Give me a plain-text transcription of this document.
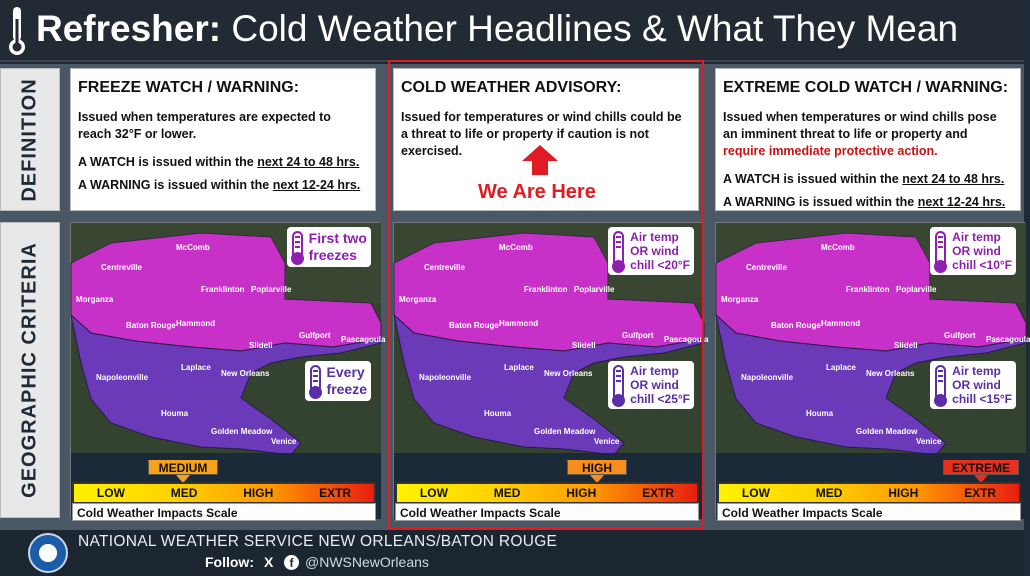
Refresher: Cold Weather Headlines & What They Mean
DEFINITION
GEOGRAPHIC CRITERIA
FREEZE WATCH / WARNING:

Issued when temperatures are expected to reach 32°F or lower.

A WATCH is issued within the next 24 to 48 hrs.
A WARNING is issued within the next 12-24 hrs.
COLD WEATHER ADVISORY:

Issued for temperatures or wind chills could be a threat to life or property if caution is not exercised.

We Are Here
EXTREME COLD WATCH / WARNING:

Issued when temperatures or wind chills pose an imminent threat to life or property and require immediate protective action.

A WATCH is issued within the next 24 to 48 hrs.
A WARNING is issued within the next 12-24 hrs.
McComb
Centreville
Franklinton Poplarville
Morganza
Baton Rouge Hammond
Gulfport Pascagoula
Slidell
Napoleonville
Laplace
New Orleans
Houma
Golden Meadow
Venice
First two
freezes
Every
freeze
MEDIUM
LOW	MED	HIGH	EXTR
Cold Weather Impacts Scale
McComb
Centreville
Franklinton Poplarville
Morganza
Baton Rouge Hammond
Gulfport Pascagoula
Slidell
Napoleonville
Laplace
New Orleans
Houma
Golden Meadow
Venice
Air temp
OR wind
chill <20°F
Air temp
OR wind
chill <25°F
HIGH
LOW	MED	HIGH	EXTR
Cold Weather Impacts Scale
McComb
Centreville
Franklinton Poplarville
Morganza
Baton Rouge Hammond
Gulfport Pascagoula
Slidell
Napoleonville
Laplace
New Orleans
Houma
Golden Meadow
Venice
Air temp
OR wind
chill <10°F
Air temp
OR wind
chill <15°F
EXTREME
LOW	MED	HIGH	EXTR
Cold Weather Impacts Scale
NATIONAL WEATHER SERVICE NEW ORLEANS/BATON ROUGE
Follow: X	f @NWSNewOrleans
